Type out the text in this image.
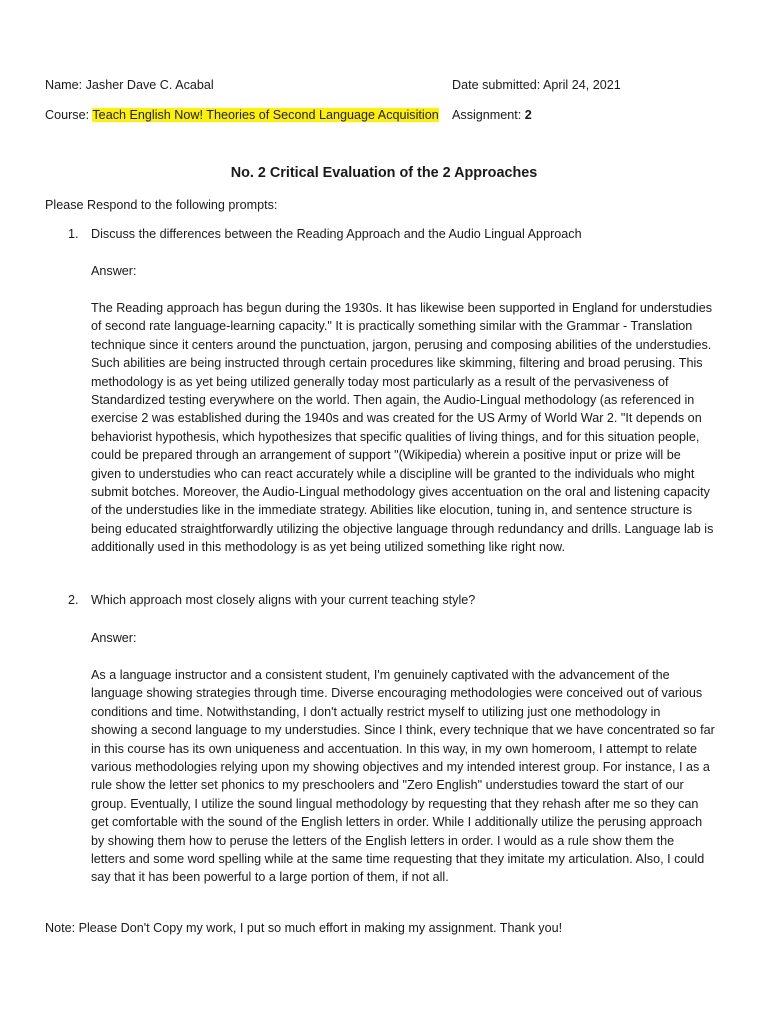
Name: Jasher Dave C. Acabal	Date submitted: April 24, 2021
Course: Teach English Now! Theories of Second Language Acquisition Assignment: 2
No. 2 Critical Evaluation of the 2 Approaches
Please Respond to the following prompts:
1. Discuss the differences between the Reading Approach and the Audio Lingual Approach
Answer:
The Reading approach has begun during the 1930s. It has likewise been supported in England for understudies
of second rate language-learning capacity." It is practically something similar with the Grammar - Translation
technique since it centers around the punctuation, jargon, perusing and composing abilities of the understudies.
Such abilities are being instructed through certain procedures like skimming, filtering and broad perusing. This
methodology is as yet being utilized generally today most particularly as a result of the pervasiveness of
Standardized testing everywhere on the world. Then again, the Audio-Lingual methodology (as referenced in
exercise 2 was established during the 1940s and was created for the US Army of World War 2. "It depends on
behaviorist hypothesis, which hypothesizes that specific qualities of living things, and for this situation people,
could be prepared through an arrangement of support "(Wikipedia) wherein a positive input or prize will be
given to understudies who can react accurately while a discipline will be granted to the individuals who might
submit botches. Moreover, the Audio-Lingual methodology gives accentuation on the oral and listening capacity
of the understudies like in the immediate strategy. Abilities like elocution, tuning in, and sentence structure is
being educated straightforwardly utilizing the objective language through redundancy and drills. Language lab is
additionally used in this methodology is as yet being utilized something like right now.
2. Which approach most closely aligns with your current teaching style?
Answer:
As a language instructor and a consistent student, I'm genuinely captivated with the advancement of the
language showing strategies through time. Diverse encouraging methodologies were conceived out of various
conditions and time. Notwithstanding, I don't actually restrict myself to utilizing just one methodology in
showing a second language to my understudies. Since I think, every technique that we have concentrated so far
in this course has its own uniqueness and accentuation. In this way, in my own homeroom, I attempt to relate
various methodologies relying upon my showing objectives and my intended interest group. For instance, I as a
rule show the letter set phonics to my preschoolers and "Zero English" understudies toward the start of our
group. Eventually, I utilize the sound lingual methodology by requesting that they rehash after me so they can
get comfortable with the sound of the English letters in order. While I additionally utilize the perusing approach
by showing them how to peruse the letters of the English letters in order. I would as a rule show them the
letters and some word spelling while at the same time requesting that they imitate my articulation. Also, I could
say that it has been powerful to a large portion of them, if not all.
Note: Please Don't Copy my work, I put so much effort in making my assignment. Thank you!
